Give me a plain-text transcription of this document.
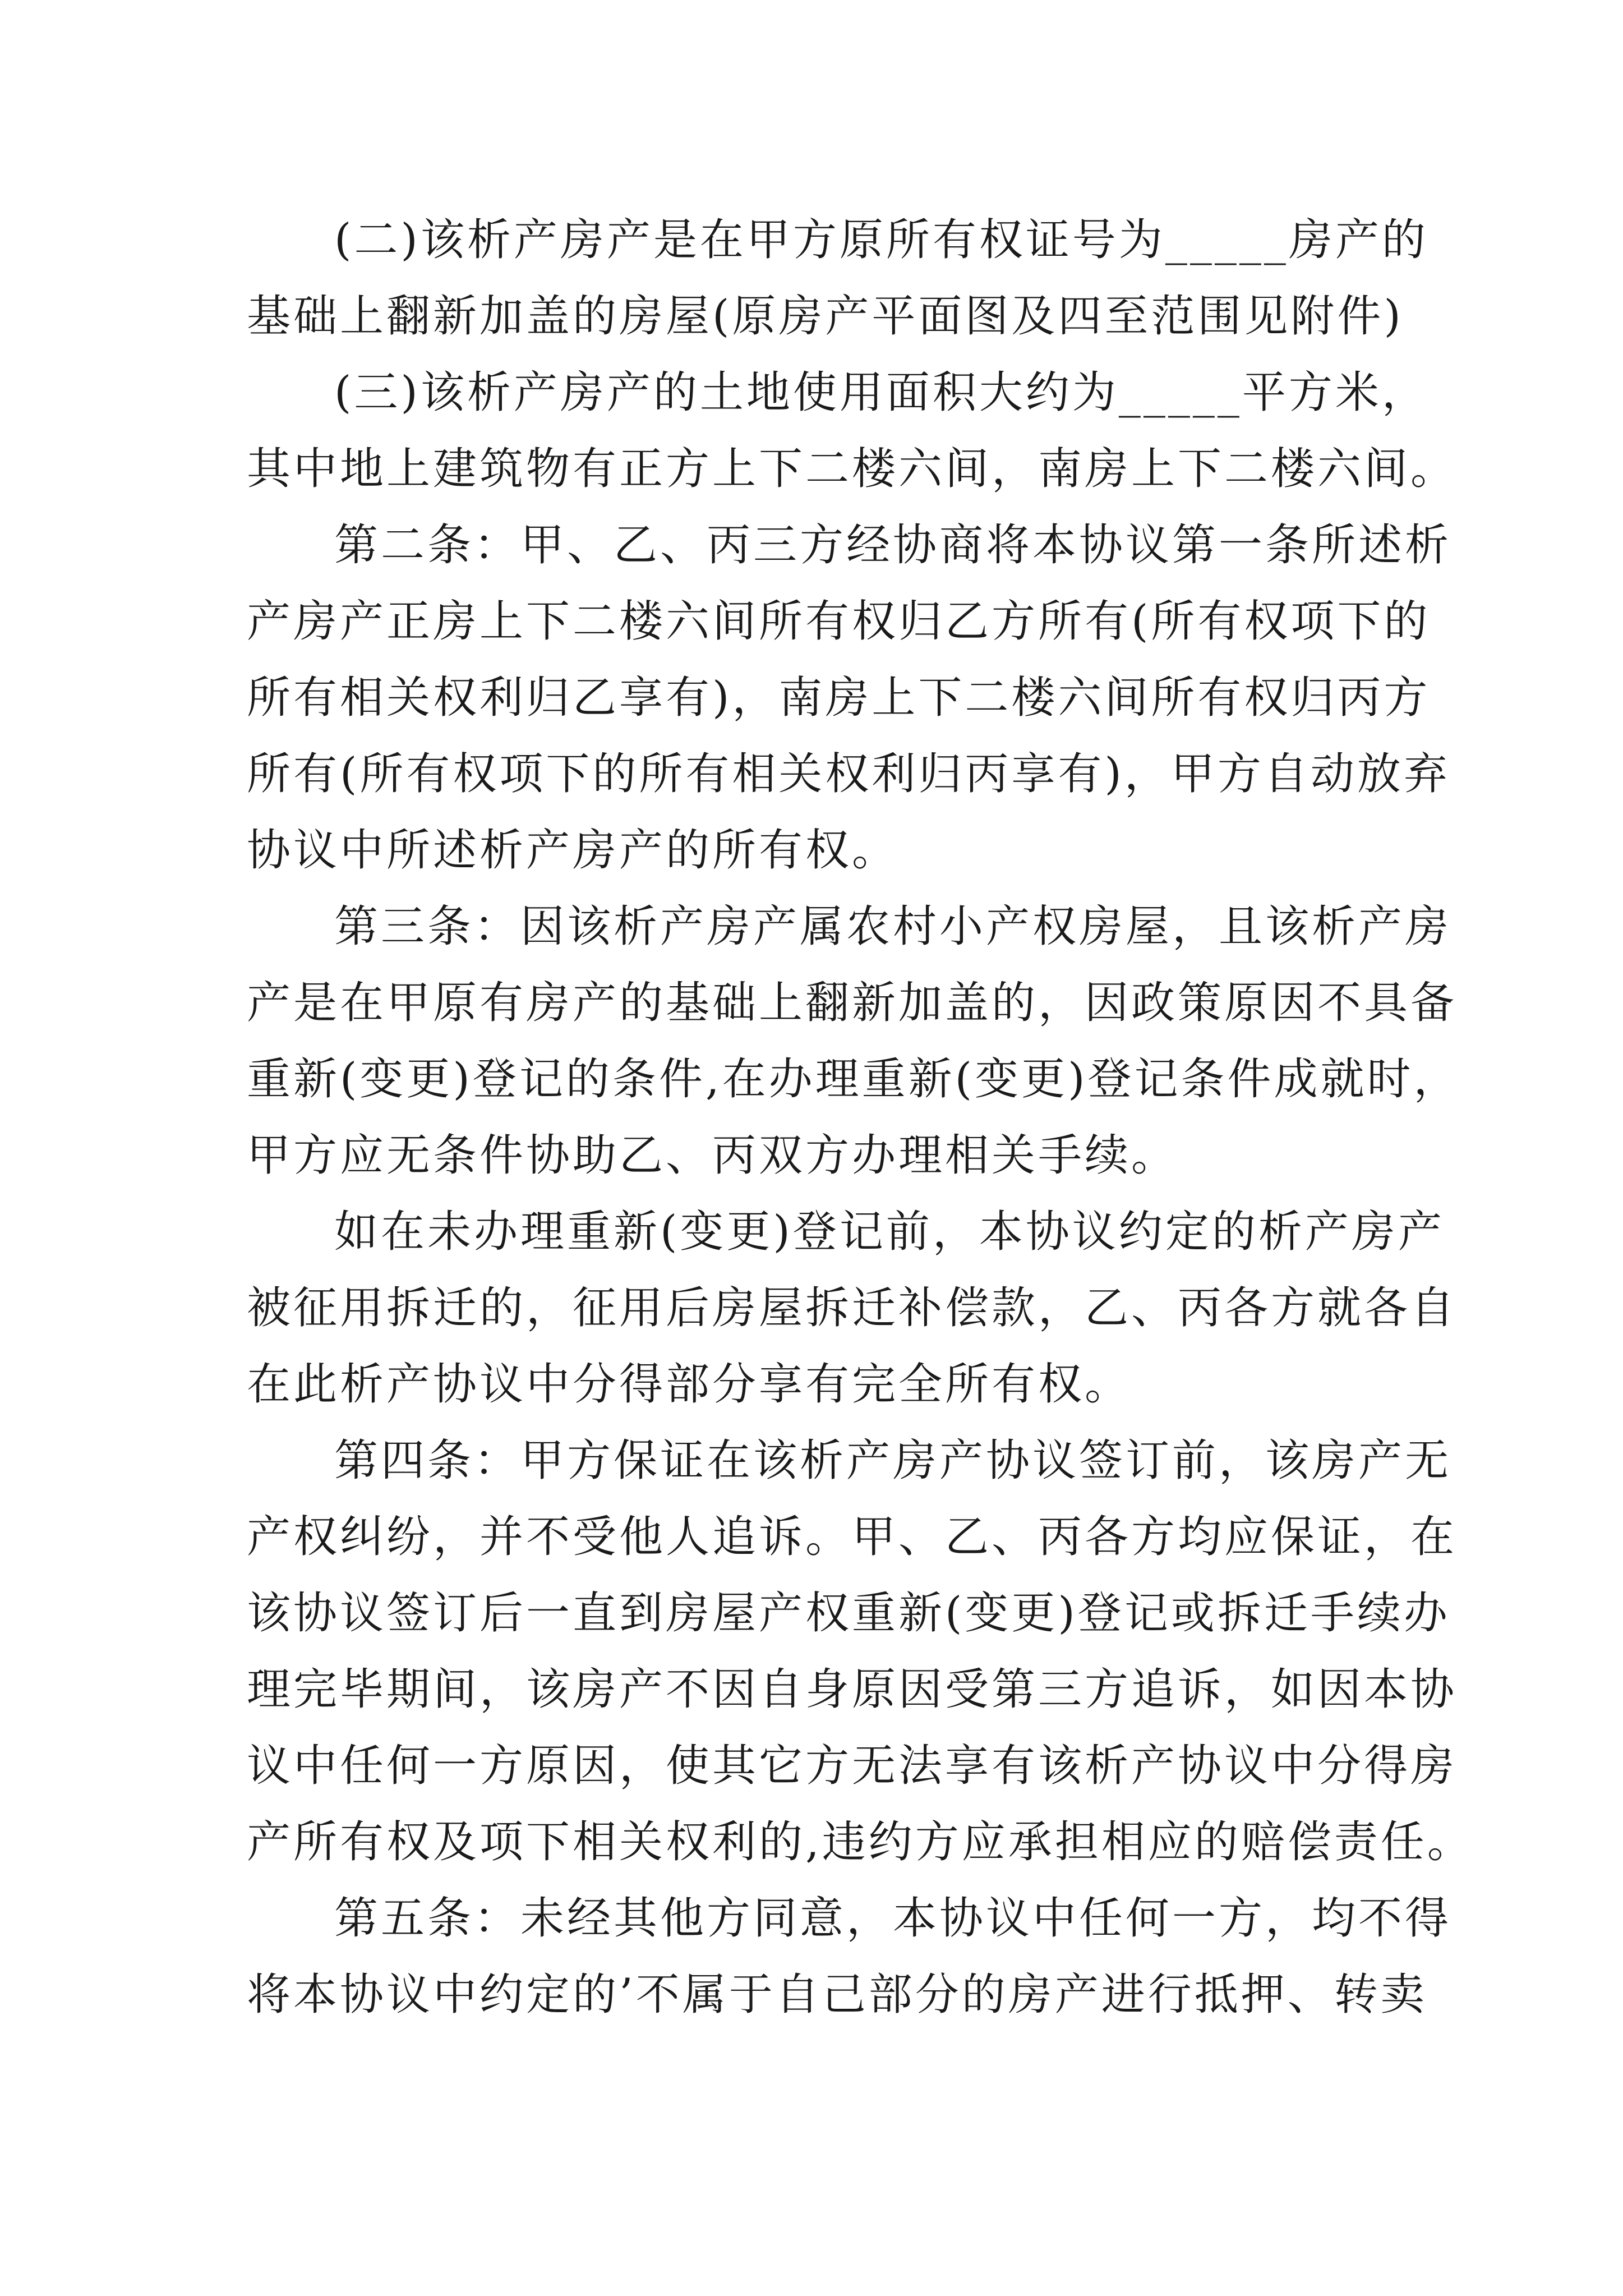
(二)该析产房产是在甲方原所有权证号为_____房产的
基础上翻新加盖的房屋(原房产平面图及四至范围见附件)
(三)该析产房产的土地使用面积大约为_____平方米，
其中地上建筑物有正方上下二楼六间，南房上下二楼六间。
第二条：甲、乙、丙三方经协商将本协议第一条所述析
产房产正房上下二楼六间所有权归乙方所有(所有权项下的
所有相关权利归乙享有)，南房上下二楼六间所有权归丙方
所有(所有权项下的所有相关权利归丙享有)，甲方自动放弃
协议中所述析产房产的所有权。
第三条：因该析产房产属农村小产权房屋，且该析产房
产是在甲原有房产的基础上翻新加盖的，因政策原因不具备
重新(变更)登记的条件,在办理重新(变更)登记条件成就时，
甲方应无条件协助乙、丙双方办理相关手续。
如在未办理重新(变更)登记前，本协议约定的析产房产
被征用拆迁的，征用后房屋拆迁补偿款，乙、丙各方就各自
在此析产协议中分得部分享有完全所有权。
第四条：甲方保证在该析产房产协议签订前，该房产无
产权纠纷，并不受他人追诉。甲、乙、丙各方均应保证，在
该协议签订后一直到房屋产权重新(变更)登记或拆迁手续办
理完毕期间，该房产不因自身原因受第三方追诉，如因本协
议中任何一方原因，使其它方无法享有该析产协议中分得房
产所有权及项下相关权利的,违约方应承担相应的赔偿责任。
第五条：未经其他方同意，本协议中任何一方，均不得
将本协议中约定的’不属于自己部分的房产进行抵押、转卖
